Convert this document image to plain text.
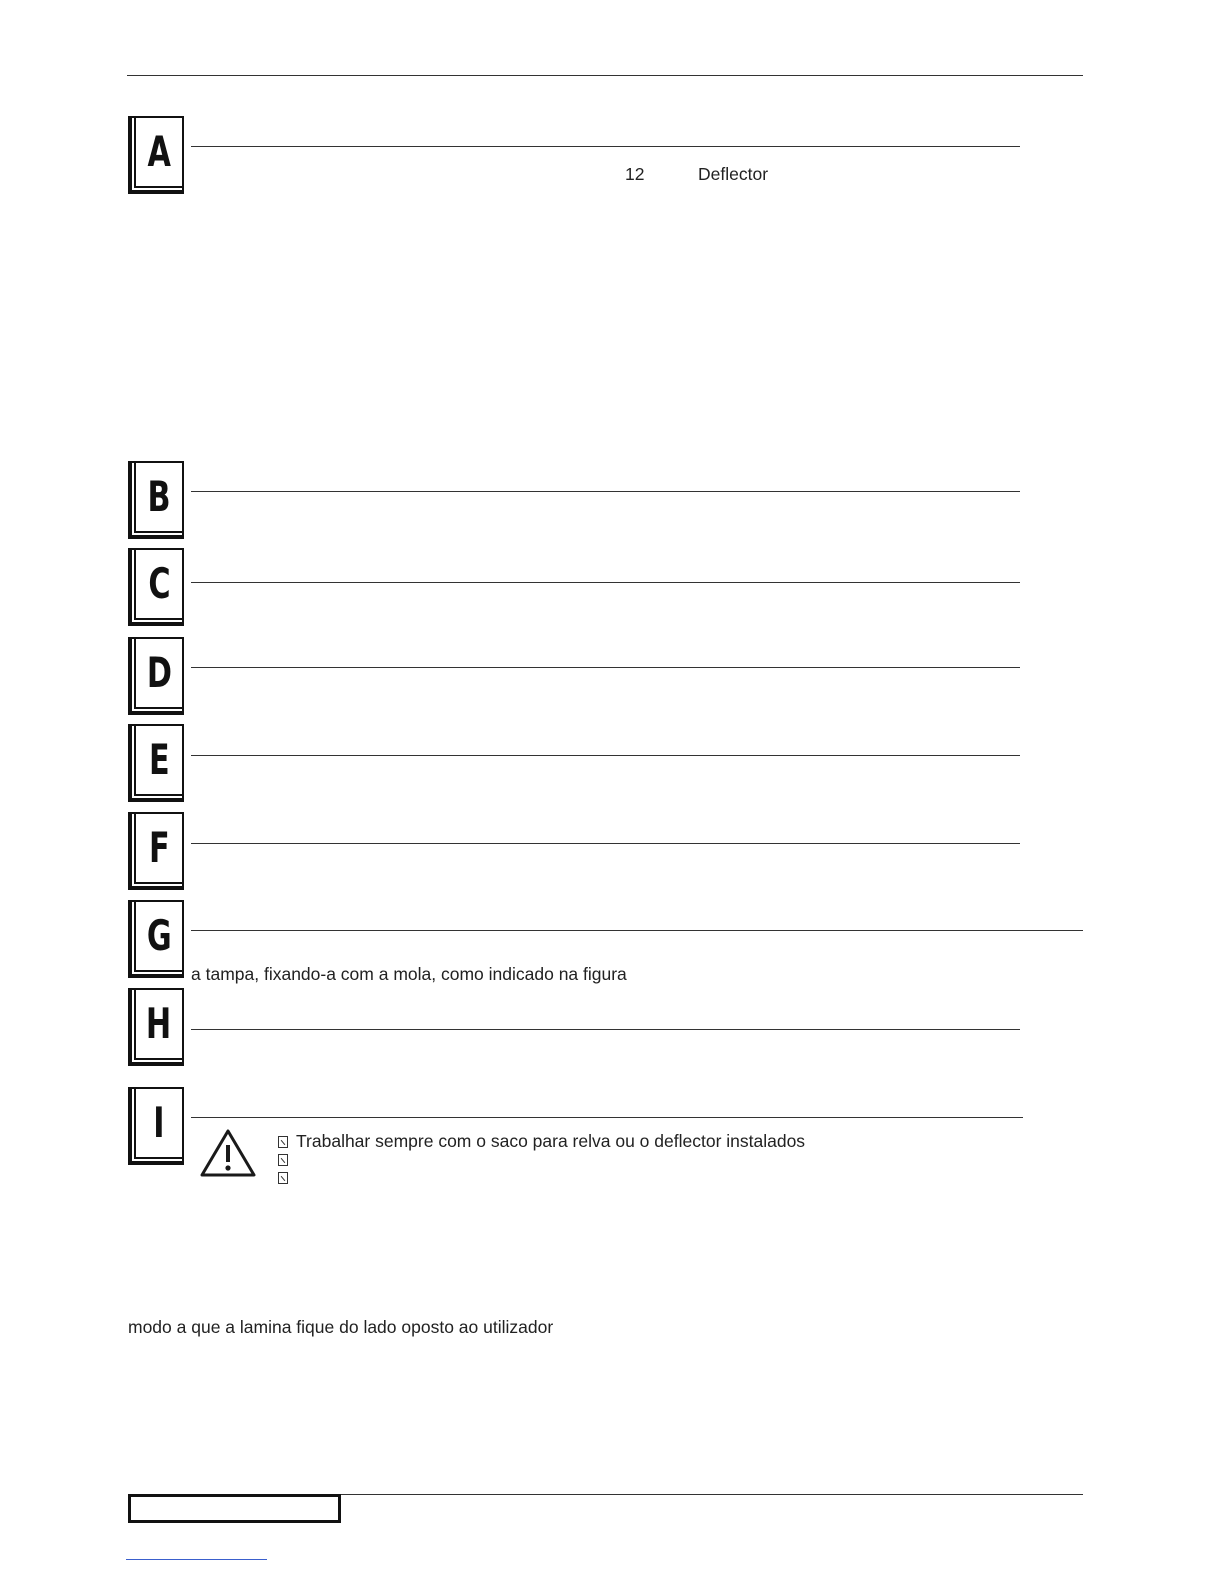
A	12	Deflector
B
C
D
E
F
G
a tampa, fixando-a com a mola, como indicado na figura
H
I	Trabalhar sempre com o saco para relva ou o deflector instalados
modo a que a lamina fique do lado oposto ao utilizador
